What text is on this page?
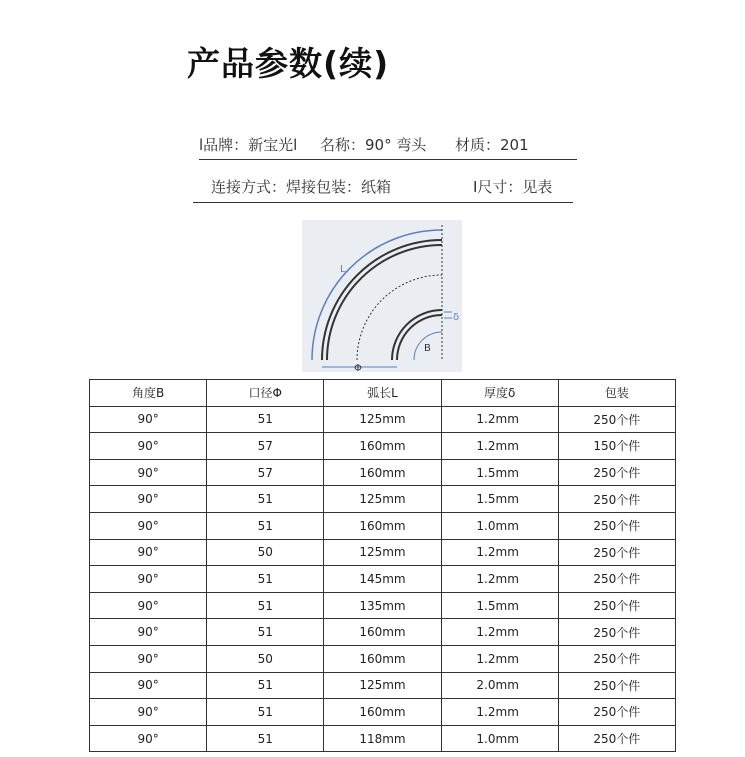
产品参数(续)
l品牌：新宝光l 名称：90° 弯头 材质：201
连接方式：焊接 包装：纸箱	I尺寸：见表
Φ
L
δ
B
角度B	口径Φ	弧长L	厚度δ	包装
90°	51	125mm	1.2mm	250个件
90°	57	160mm	1.2mm	150个件
90°	57	160mm	1.5mm	250个件
90°	51	125mm	1.5mm	250个件
90°	51	160mm	1.0mm	250个件
90°	50	125mm	1.2mm	250个件
90°	51	145mm	1.2mm	250个件
90°	51	135mm	1.5mm	250个件
90°	51	160mm	1.2mm	250个件
90°	50	160mm	1.2mm	250个件
90°	51	125mm	2.0mm	250个件
90°	51	160mm	1.2mm	250个件
90°	51	118mm	1.0mm	250个件
